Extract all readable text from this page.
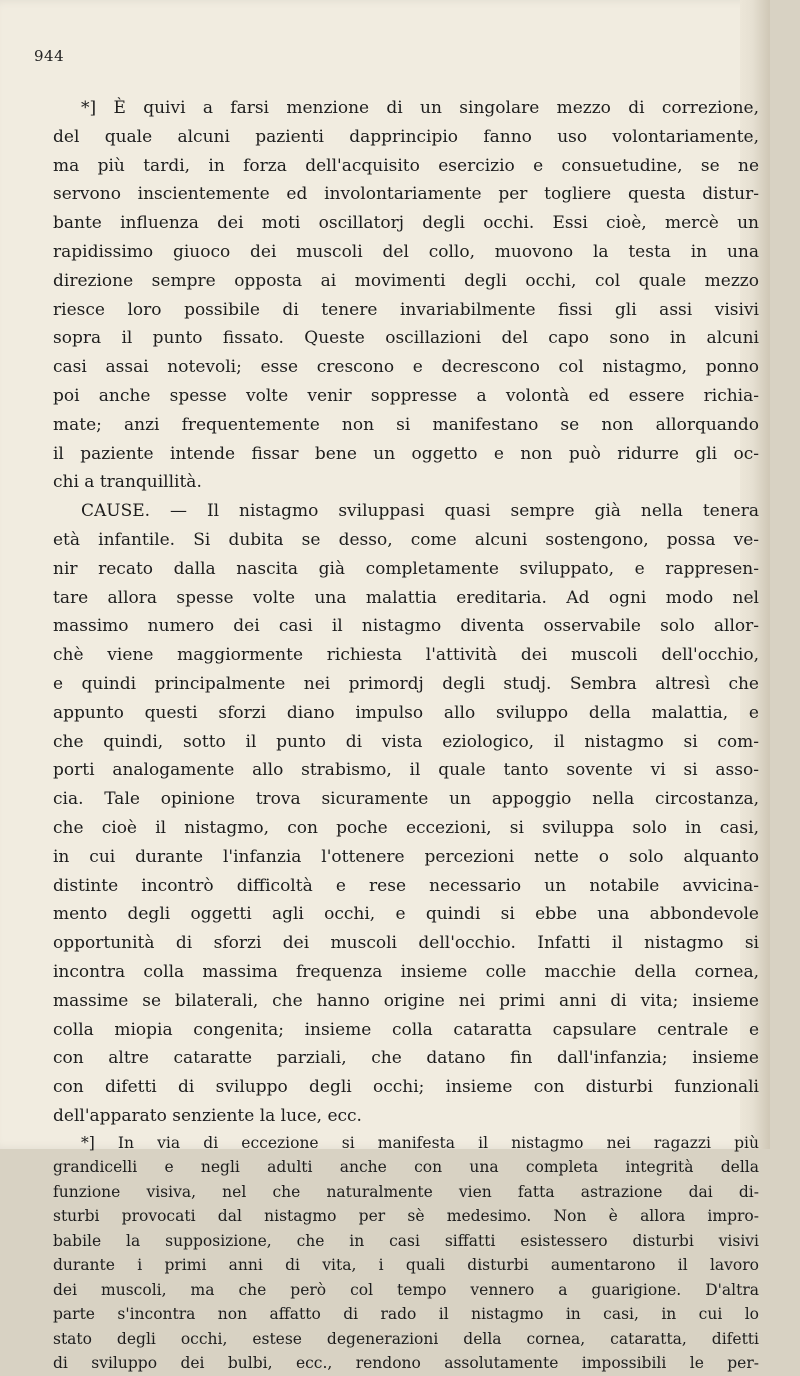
944
*] È quivi a farsi menzione di un singolare mezzo di correzione,
del quale alcuni pazienti dapprincipio fanno uso volontariamente,
ma più tardi, in forza dell'acquisito esercizio e consuetudine, se ne
servono inscientemente ed involontariamente per togliere questa distur-
bante influenza dei moti oscillatorj degli occhi. Essi cioè, mercè un
rapidissimo giuoco dei muscoli del collo, muovono la testa in una
direzione sempre opposta ai movimenti degli occhi, col quale mezzo
riesce loro possibile di tenere invariabilmente fissi gli assi visivi
sopra il punto fissato. Queste oscillazioni del capo sono in alcuni
casi assai notevoli; esse crescono e decrescono col nistagmo, ponno
poi anche spesse volte venir soppresse a volontà ed essere richia-
mate; anzi frequentemente non si manifestano se non allorquando
il paziente intende fissar bene un oggetto e non può ridurre gli oc-
chi a tranquillità.
CAUSE. — Il nistagmo sviluppasi quasi sempre già nella tenera
età infantile. Si dubita se desso, come alcuni sostengono, possa ve-
nir recato dalla nascita già completamente sviluppato, e rappresen-
tare allora spesse volte una malattia ereditaria. Ad ogni modo nel
massimo numero dei casi il nistagmo diventa osservabile solo allor-
chè viene maggiormente richiesta l'attività dei muscoli dell'occhio,
e quindi principalmente nei primordj degli studj. Sembra altresì che
appunto questi sforzi diano impulso allo sviluppo della malattia, e
che quindi, sotto il punto di vista eziologico, il nistagmo si com-
porti analogamente allo strabismo, il quale tanto sovente vi si asso-
cia. Tale opinione trova sicuramente un appoggio nella circostanza,
che cioè il nistagmo, con poche eccezioni, si sviluppa solo in casi,
in cui durante l'infanzia l'ottenere percezioni nette o solo alquanto
distinte incontrò difficoltà e rese necessario un notabile avvicina-
mento degli oggetti agli occhi, e quindi si ebbe una abbondevole
opportunità di sforzi dei muscoli dell'occhio. Infatti il nistagmo si
incontra colla massima frequenza insieme colle macchie della cornea,
massime se bilaterali, che hanno origine nei primi anni di vita; insieme
colla miopia congenita; insieme colla cataratta capsulare centrale e
con altre cataratte parziali, che datano fin dall'infanzia; insieme
con difetti di sviluppo degli occhi; insieme con disturbi funzionali
dell'apparato senziente la luce, ecc.
*] In via di eccezione si manifesta il nistagmo nei ragazzi più
grandicelli e negli adulti anche con una completa integrità della
funzione visiva, nel che naturalmente vien fatta astrazione dai di-
sturbi provocati dal nistagmo per sè medesimo. Non è allora impro-
babile la supposizione, che in casi siffatti esistessero disturbi visivi
durante i primi anni di vita, i quali disturbi aumentarono il lavoro
dei muscoli, ma che però col tempo vennero a guarigione. D'altra
parte s'incontra non affatto di rado il nistagmo in casi, in cui lo
stato degli occhi, estese degenerazioni della cornea, cataratta, difetti
di sviluppo dei bulbi, ecc., rendono assolutamente impossibili le per-
